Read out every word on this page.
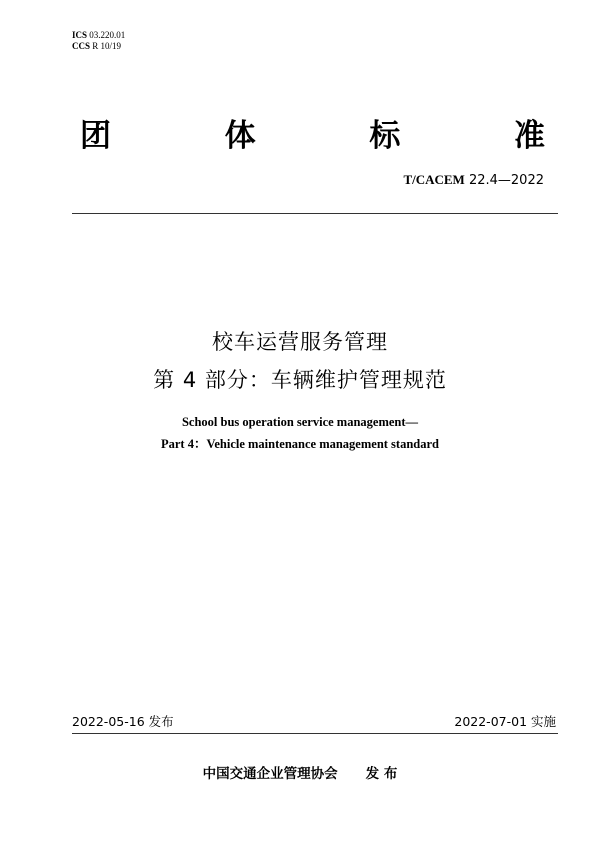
ICS 03.220.01
CCS R 10/19
团	体	标	准
T/CACEM 22.4—2022
校车运营服务管理
第 4 部分：车辆维护管理规范
School bus operation service management—
Part 4：Vehicle maintenance management standard
2022-05-16 发布	2022-07-01 实施
中国交通企业管理协会 发 布
